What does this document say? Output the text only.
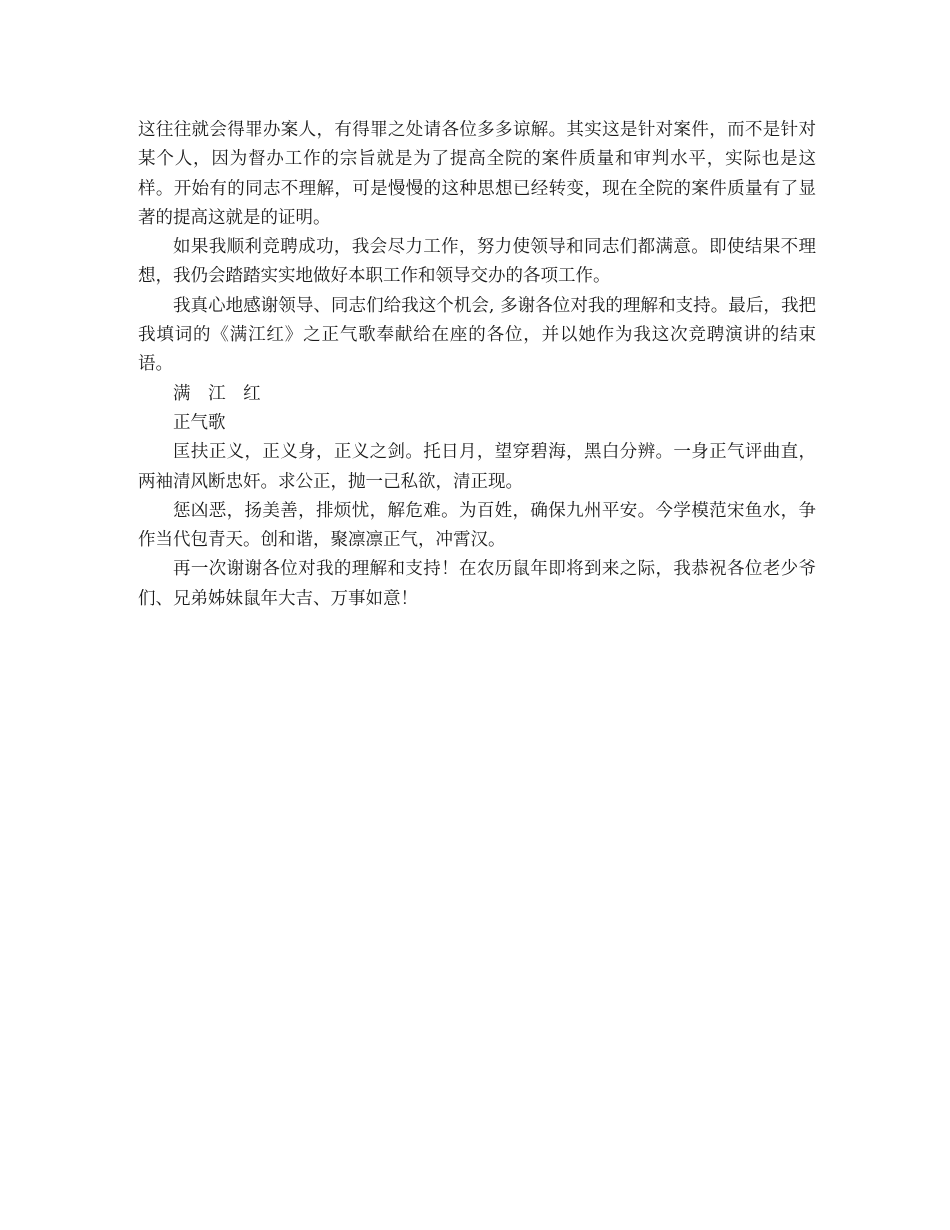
这往往就会得罪办案人，有得罪之处请各位多多谅解。其实这是针对案件，而不是针对某个人，因为督办工作的宗旨就是为了提高全院的案件质量和审判水平，实际也是这样。开始有的同志不理解，可是慢慢的这种思想已经转变，现在全院的案件质量有了显著的提高这就是的证明。

如果我顺利竞聘成功，我会尽力工作，努力使领导和同志们都满意。即使结果不理想，我仍会踏踏实实地做好本职工作和领导交办的各项工作。

我真心地感谢领导、同志们给我这个机会, 多谢各位对我的理解和支持。最后，我把我填词的《满江红》之正气歌奉献给在座的各位，并以她作为我这次竞聘演讲的结束语。

满 江 红

正气歌

匡扶正义，正义身，正义之剑。托日月，望穿碧海，黑白分辨。一身正气评曲直，两袖清风断忠奸。求公正，抛一己私欲，清正现。

惩凶恶，扬美善，排烦忧，解危难。为百姓，确保九州平安。今学模范宋鱼水，争作当代包青天。创和谐，聚凛凛正气，冲霄汉。

再一次谢谢各位对我的理解和支持！在农历鼠年即将到来之际，我恭祝各位老少爷们、兄弟姊妹鼠年大吉、万事如意！
